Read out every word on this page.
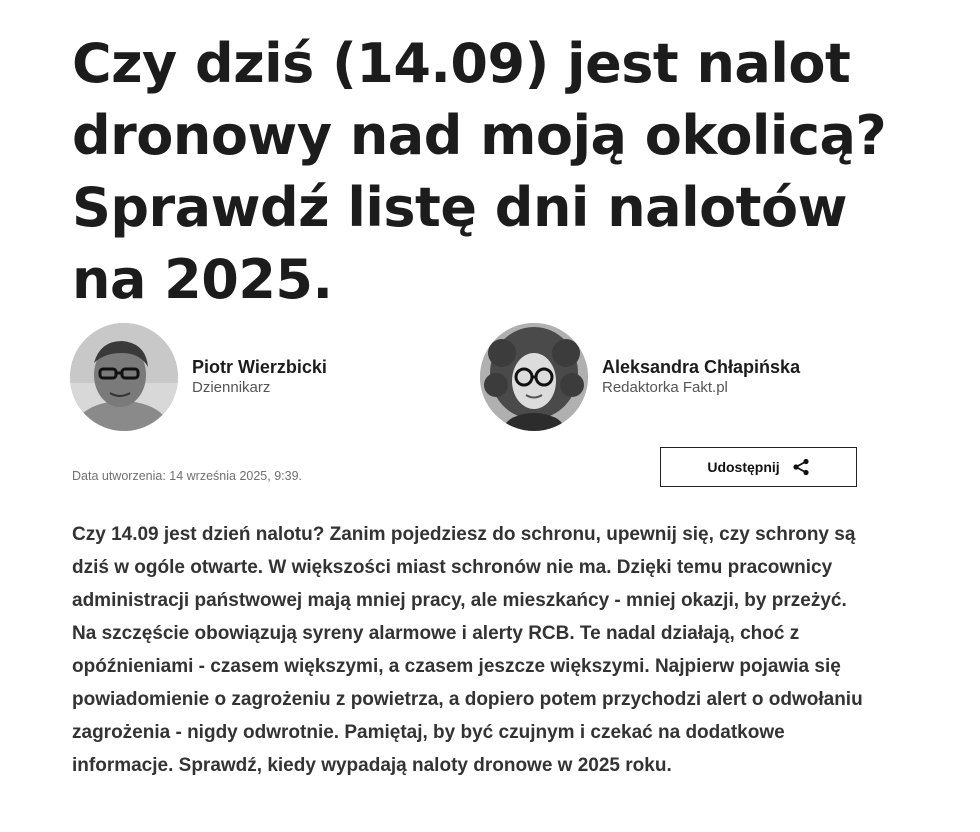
Czy dziś (14.09) jest nalot dronowy nad moją okolicą? Sprawdź listę dni nalotów na 2025.
Piotr Wierzbicki
Dziennikarz
Aleksandra Chłapińska
Redaktorka Fakt.pl
Data utworzenia: 14 września 2025, 9:39.
Udostępnij

Czy 14.09 jest dzień nalotu? Zanim pojedziesz do schronu, upewnij się, czy schrony są dziś w ogóle otwarte. W większości miast schronów nie ma. Dzięki temu pracownicy administracji państwowej mają mniej pracy, ale mieszkańcy - mniej okazji, by przeżyć. Na szczęście obowiązują syreny alarmowe i alerty RCB. Te nadal działają, choć z opóźnieniami - czasem większymi, a czasem jeszcze większymi. Najpierw pojawia się powiadomienie o zagrożeniu z powietrza, a dopiero potem przychodzi alert o odwołaniu zagrożenia - nigdy odwrotnie. Pamiętaj, by być czujnym i czekać na dodatkowe informacje. Sprawdź, kiedy wypadają naloty dronowe w 2025 roku.
